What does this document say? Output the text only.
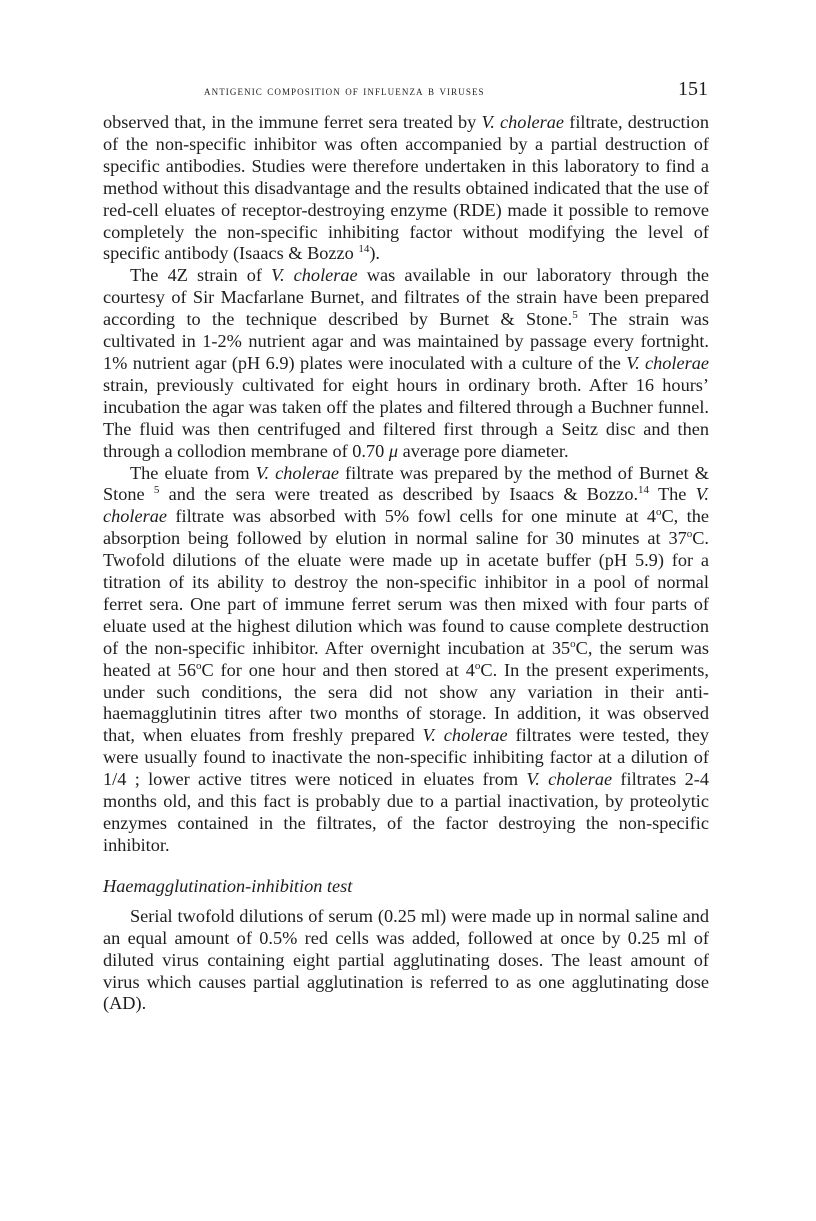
antigenic composition of influenza b viruses	151

observed that, in the immune ferret sera treated by V. cholerae filtrate, destruction of the non-specific inhibitor was often accompanied by a partial destruction of specific antibodies. Studies were therefore undertaken in this laboratory to find a method without this disadvantage and the results obtained indicated that the use of red-cell eluates of receptor-destroying enzyme (RDE) made it possible to remove completely the non-specific inhibiting factor without modifying the level of specific antibody (Isaacs & Bozzo $^{14}$).

The 4Z strain of V. cholerae was available in our laboratory through the courtesy of Sir Macfarlane Burnet, and filtrates of the strain have been prepared according to the technique described by Burnet & Stone.$^5$ The strain was cultivated in 1-2% nutrient agar and was maintained by passage every fortnight. 1% nutrient agar (pH 6.9) plates were inoculated with a culture of the V. cholerae strain, previously cultivated for eight hours in ordinary broth. After 16 hours’ incubation the agar was taken off the plates and filtered through a Buchner funnel. The fluid was then centrifuged and filtered first through a Seitz disc and then through a collodion membrane of 0.70 μ average pore diameter.

The eluate from V. cholerae filtrate was prepared by the method of Burnet & Stone $^5$ and the sera were treated as described by Isaacs & Bozzo.$^{14}$ The V. cholerae filtrate was absorbed with 5% fowl cells for one minute at 4$^o$C, the absorption being followed by elution in normal saline for 30 minutes at 37$^o$C. Twofold dilutions of the eluate were made up in acetate buffer (pH 5.9) for a titration of its ability to destroy the non-specific inhibitor in a pool of normal ferret sera. One part of immune ferret serum was then mixed with four parts of eluate used at the highest dilution which was found to cause complete destruction of the non-specific inhibitor. After overnight incubation at 35$^o$C, the serum was heated at 56$^o$C for one hour and then stored at 4$^o$C. In the present experiments, under such conditions, the sera did not show any variation in their anti-haemagglutinin titres after two months of storage. In addition, it was observed that, when eluates from freshly prepared V. cholerae filtrates were tested, they were usually found to inactivate the non-specific inhibiting factor at a dilution of 1/4 ; lower active titres were noticed in eluates from V. cholerae filtrates 2-4 months old, and this fact is probably due to a partial inactivation, by proteolytic enzymes contained in the filtrates, of the factor destroying the non-specific inhibitor.

Haemagglutination-inhibition test

Serial twofold dilutions of serum (0.25 ml) were made up in normal saline and an equal amount of 0.5% red cells was added, followed at once by 0.25 ml of diluted virus containing eight partial agglutinating doses. The least amount of virus which causes partial agglutination is referred to as one agglutinating dose (AD).
